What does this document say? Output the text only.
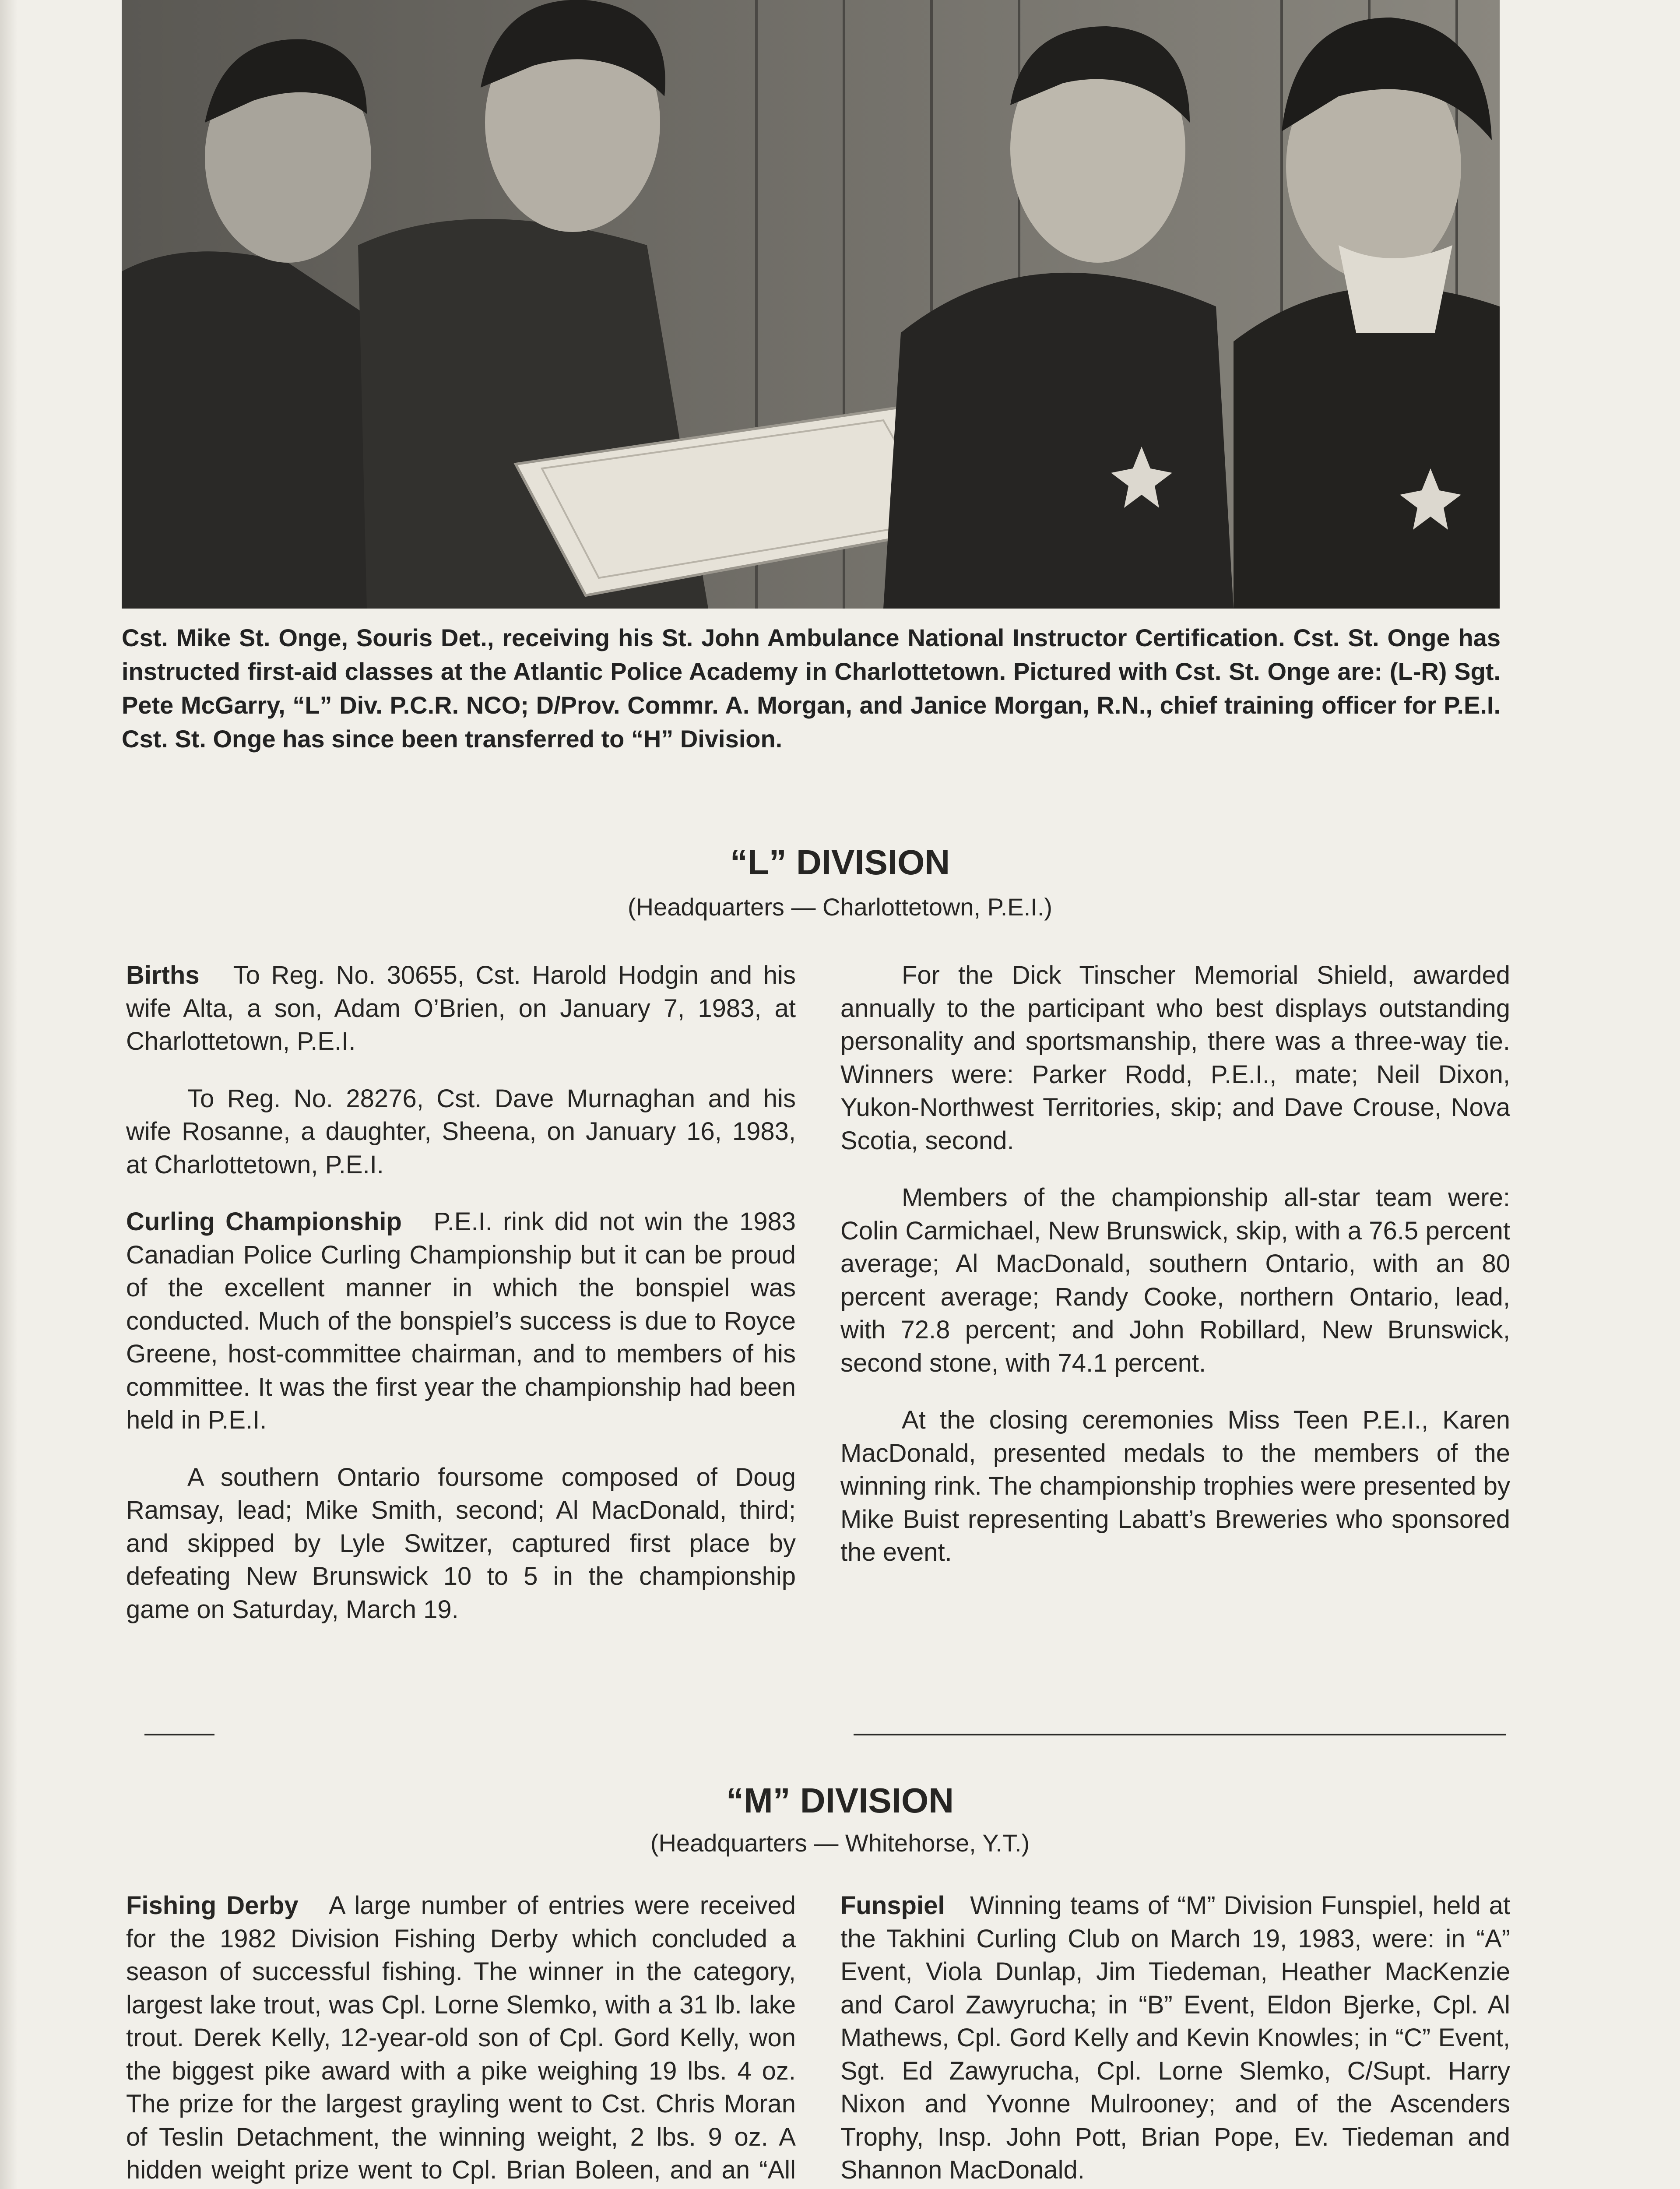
Cst. Mike St. Onge, Souris Det., receiving his St. John Ambulance National Instructor Certification. Cst. St. Onge has instructed first-aid classes at the Atlantic Police Academy in Charlottetown. Pictured with Cst. St. Onge are: (L-R) Sgt. Pete McGarry, “L” Div. P.C.R. NCO; D/Prov. Commr. A. Morgan, and Janice Morgan, R.N., chief training officer for P.E.I. Cst. St. Onge has since been transferred to “H” Division.

“L” DIVISION

(Headquarters — Charlottetown, P.E.I.)

Births To Reg. No. 30655, Cst. Harold Hodgin and his wife Alta, a son, Adam O’Brien, on January 7, 1983, at Charlottetown, P.E.I.

To Reg. No. 28276, Cst. Dave Murnaghan and his wife Rosanne, a daughter, Sheena, on January 16, 1983, at Charlottetown, P.E.I.

Curling Championship P.E.I. rink did not win the 1983 Canadian Police Curling Championship but it can be proud of the excellent manner in which the bonspiel was conducted. Much of the bonspiel’s success is due to Royce Greene, host-committee chairman, and to members of his committee. It was the first year the championship had been held in P.E.I.

A southern Ontario foursome composed of Doug Ramsay, lead; Mike Smith, second; Al MacDonald, third; and skipped by Lyle Switzer, captured first place by defeating New Brunswick 10 to 5 in the championship game on Saturday, March 19.

For the Dick Tinscher Memorial Shield, awarded annually to the participant who best displays outstanding personality and sportsmanship, there was a three-way tie. Winners were: Parker Rodd, P.E.I., mate; Neil Dixon, Yukon-Northwest Territories, skip; and Dave Crouse, Nova Scotia, second.

Members of the championship all-star team were: Colin Carmichael, New Brunswick, skip, with a 76.5 percent average; Al MacDonald, southern Ontario, with an 80 percent average; Randy Cooke, northern Ontario, lead, with 72.8 percent; and John Robillard, New Brunswick, second stone, with 74.1 percent.

At the closing ceremonies Miss Teen P.E.I., Karen MacDonald, presented medals to the members of the winning rink. The championship trophies were presented by Mike Buist representing Labatt’s Breweries who sponsored the event.

“M” DIVISION

(Headquarters — Whitehorse, Y.T.)

Fishing Derby A large number of entries were received for the 1982 Division Fishing Derby which concluded a season of successful fishing. The winner in the category, largest lake trout, was Cpl. Lorne Slemko, with a 31 lb. lake trout. Derek Kelly, 12-year-old son of Cpl. Gord Kelly, won the biggest pike award with a pike weighing 19 lbs. 4 oz. The prize for the largest grayling went to Cst. Chris Moran of Teslin Detachment, the winning weight, 2 lbs. 9 oz. A hidden weight prize went to Cpl. Brian Boleen, and an “All

Funspiel Winning teams of “M” Division Funspiel, held at the Takhini Curling Club on March 19, 1983, were: in “A” Event, Viola Dunlap, Jim Tiedeman, Heather MacKenzie and Carol Zawyrucha; in “B” Event, Eldon Bjerke, Cpl. Al Mathews, Cpl. Gord Kelly and Kevin Knowles; in “C” Event, Sgt. Ed Zawyrucha, Cpl. Lorne Slemko, C/Supt. Harry Nixon and Yvonne Mulrooney; and of the Ascenders Trophy, Insp. John Pott, Brian Pope, Ev. Tiedeman and Shannon MacDonald.
